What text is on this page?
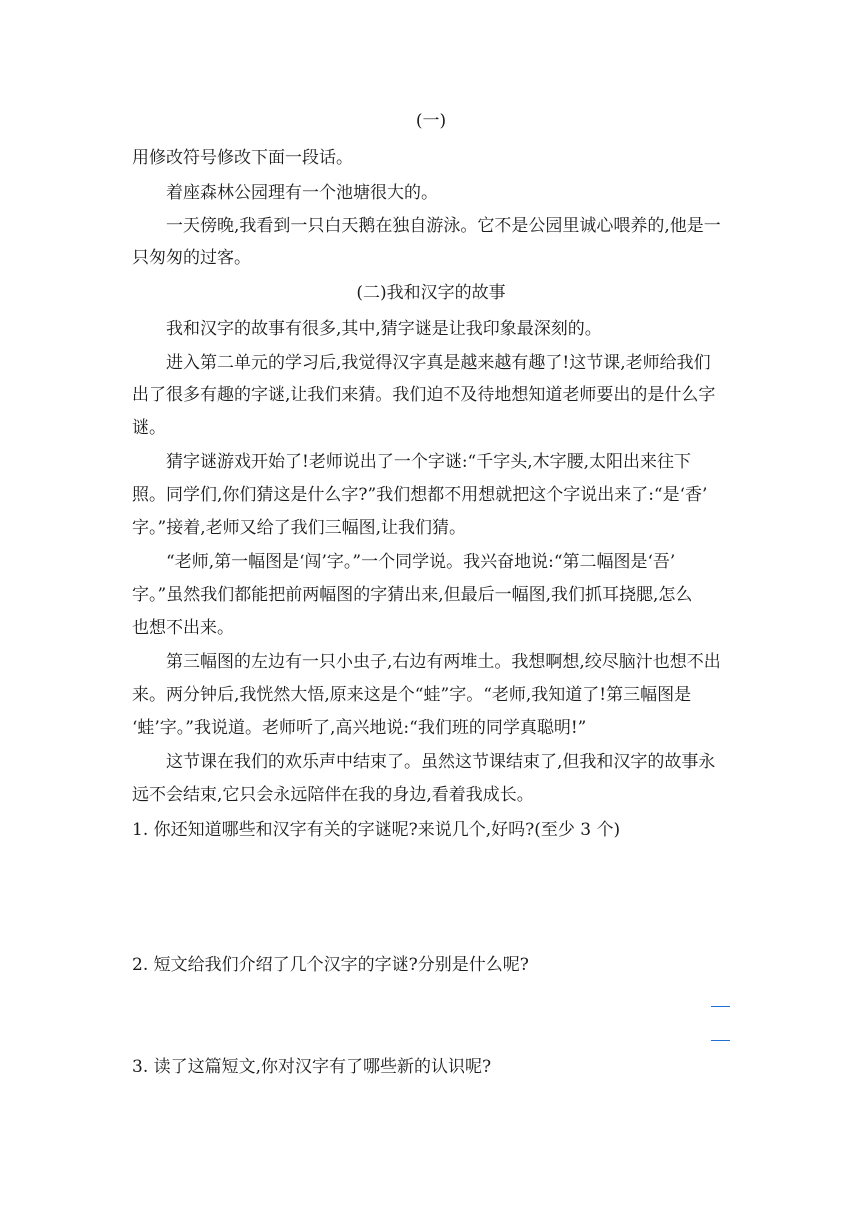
(一)
用修改符号修改下面一段话。
　　着座森林公园理有一个池塘很大的。
　　一天傍晚,我看到一只白天鹅在独自游泳。它不是公园里诚心喂养的,他是一
只匆匆的过客。
(二)我和汉字的故事
　　我和汉字的故事有很多,其中,猜字谜是让我印象最深刻的。
　　进入第二单元的学习后,我觉得汉字真是越来越有趣了!这节课,老师给我们
出了很多有趣的字谜,让我们来猜。我们迫不及待地想知道老师要出的是什么字
谜。
　　猜字谜游戏开始了!老师说出了一个字谜:“千字头,木字腰,太阳出来往下
照。同学们,你们猜这是什么字?”我们想都不用想就把这个字说出来了:“是‘香’
字。”接着,老师又给了我们三幅图,让我们猜。
　　“老师,第一幅图是‘闯’字。”一个同学说。我兴奋地说:“第二幅图是‘吾’
字。”虽然我们都能把前两幅图的字猜出来,但最后一幅图,我们抓耳挠腮,怎么
也想不出来。
　　第三幅图的左边有一只小虫子,右边有两堆土。我想啊想,绞尽脑汁也想不出
来。两分钟后,我恍然大悟,原来这是个“蛙”字。“老师,我知道了!第三幅图是
‘蛙’字。”我说道。老师听了,高兴地说:“我们班的同学真聪明!”
　　这节课在我们的欢乐声中结束了。虽然这节课结束了,但我和汉字的故事永
远不会结束,它只会永远陪伴在我的身边,看着我成长。
1. 你还知道哪些和汉字有关的字谜呢?来说几个,好吗?(至少 3 个)
2. 短文给我们介绍了几个汉字的字谜?分别是什么呢?
3. 读了这篇短文,你对汉字有了哪些新的认识呢?
